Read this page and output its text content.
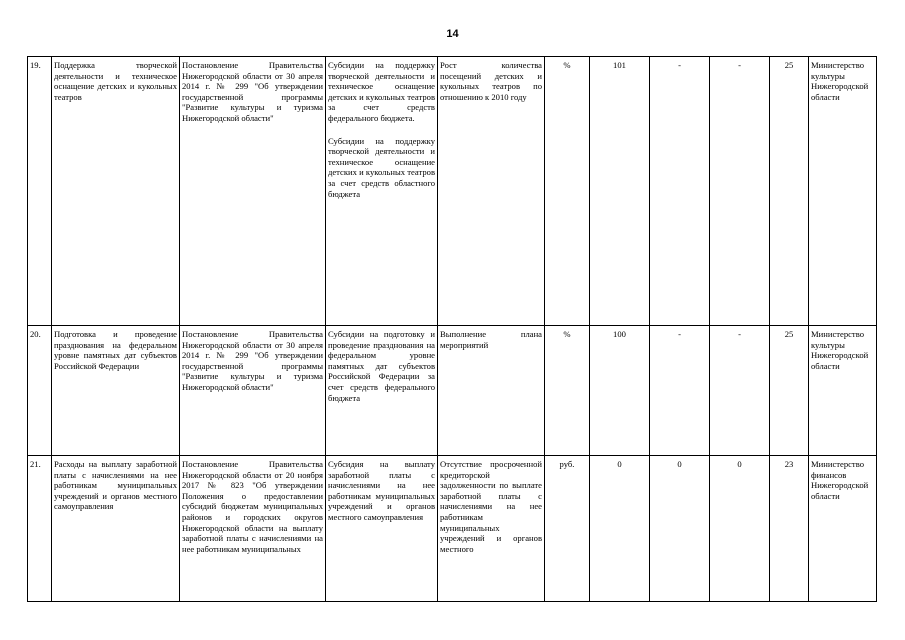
14
19.	Поддержка творческой деятельности и техническое оснащение детских и кукольных театров	Постановление Правительства Нижегородской области от 30 апреля 2014 г. № 299 "Об утверждении государственной программы "Развитие культуры и туризма Нижегородской области"	Субсидии на поддержку творческой деятельности и техническое оснащение детских и кукольных театров за счет средств федерального бюджета.

Субсидии на поддержку творческой деятельности и техническое оснащение детских и кукольных театров за счет средств областного бюджета	Рост количества посещений детских и кукольных театров по отношению к 2010 году	%	101	-	-	25	Министерство культуры Нижегородской области
20.	Подготовка и проведение празднования на федеральном уровне памятных дат субъектов Российской Федерации	Постановление Правительства Нижегородской области от 30 апреля 2014 г. № 299 "Об утверждении государственной программы "Развитие культуры и туризма Нижегородской области"	Субсидии на подготовку и проведение празднования на федеральном уровне памятных дат субъектов Российской Федерации за счет средств федерального бюджета	Выполнение плана мероприятий	%	100	-	-	25	Министерство культуры Нижегородской области
21.	Расходы на выплату заработной платы с начислениями на нее работникам муниципальных учреждений и органов местного самоуправления	Постановление Правительства Нижегородской области от 20 ноября 2017 № 823 "Об утверждении Положения о предоставлении субсидий бюджетам муниципальных районов и городских округов Нижегородской области на выплату заработной платы с начислениями на нее работникам муниципальных	Субсидия на выплату заработной платы с начислениями на нее работникам муниципальных учреждений и органов местного самоуправления	Отсутствие просроченной кредиторской задолженности по выплате заработной платы с начислениями на нее работникам муниципальных учреждений и органов местного	руб.	0	0	0	23	Министерство финансов Нижегородской области
